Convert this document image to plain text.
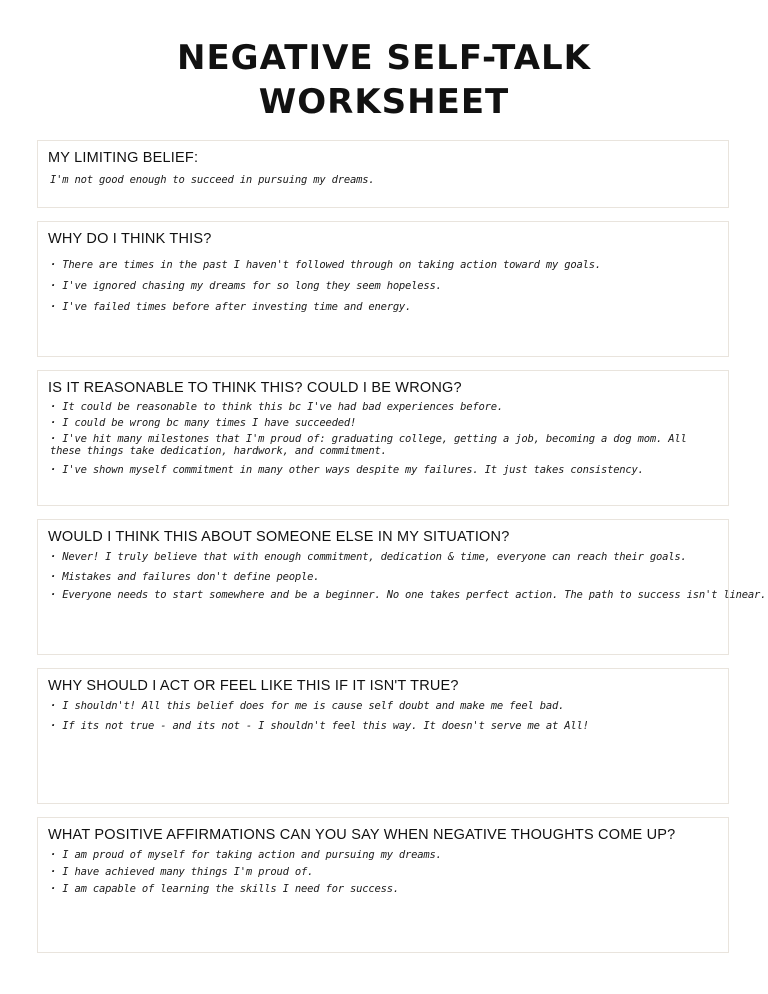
NEGATIVE SELF-TALK
WORKSHEET
MY LIMITING BELIEF:
I'm not good enough to succeed in pursuing my dreams.
WHY DO I THINK THIS?
· There are times in the past I haven't followed through on taking action toward my goals.
· I've ignored chasing my dreams for so long they seem hopeless.
· I've failed times before after investing time and energy.
IS IT REASONABLE TO THINK THIS? COULD I BE WRONG?
· It could be reasonable to think this bc I've had bad experiences before.
· I could be wrong bc many times I have succeeded!
· I've hit many milestones that I'm proud of: graduating college, getting a job, becoming a dog mom. All these things take dedication, hardwork, and commitment.
· I've shown myself commitment in many other ways despite my failures. It just takes consistency.
WOULD I THINK THIS ABOUT SOMEONE ELSE IN MY SITUATION?
· Never! I truly believe that with enough commitment, dedication & time, everyone can reach their goals.
· Mistakes and failures don't define people.
· Everyone needs to start somewhere and be a beginner. No one takes perfect action. The path to success isn't linear.
WHY SHOULD I ACT OR FEEL LIKE THIS IF IT ISN'T TRUE?
· I shouldn't! All this belief does for me is cause self doubt and make me feel bad.
· If its not true - and its not - I shouldn't feel this way. It doesn't serve me at All!
WHAT POSITIVE AFFIRMATIONS CAN YOU SAY WHEN NEGATIVE THOUGHTS COME UP?
· I am proud of myself for taking action and pursuing my dreams.
· I have achieved many things I'm proud of.
· I am capable of learning the skills I need for success.
